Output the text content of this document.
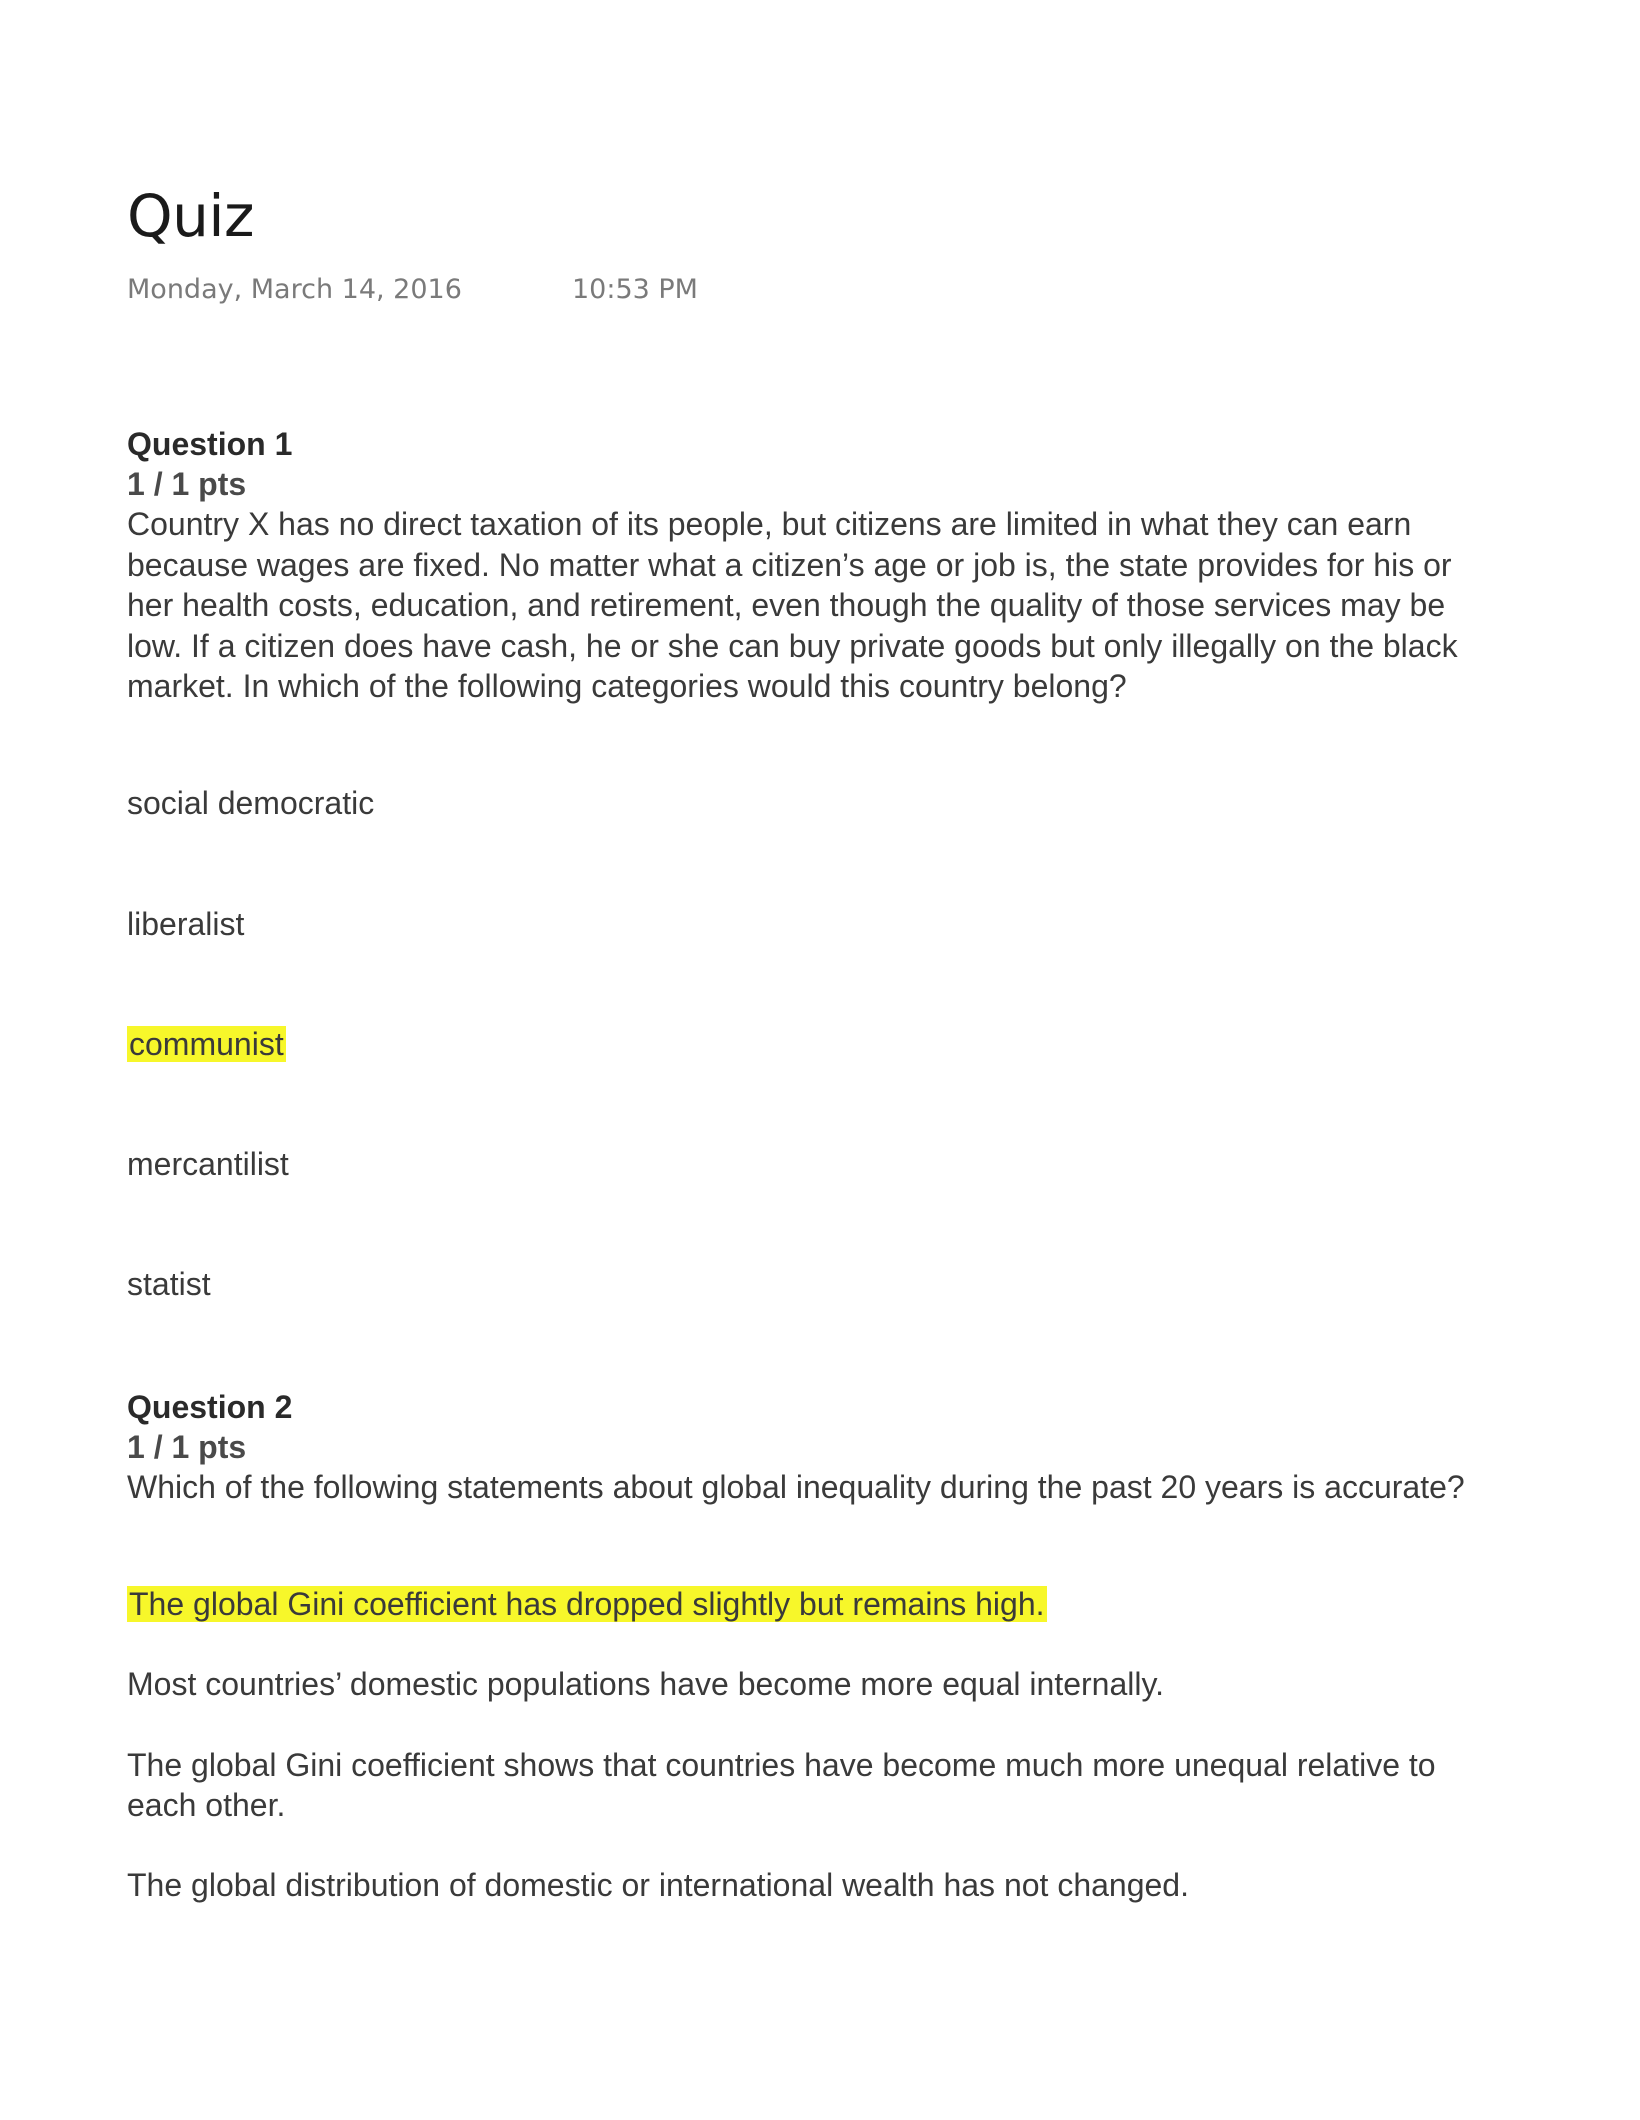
Quiz
Monday, March 14, 2016	10:53 PM
Question 1
1 / 1 pts

Country X has no direct taxation of its people, but citizens are limited in what they can earn because wages are fixed. No matter what a citizen’s age or job is, the state provides for his or her health costs, education, and retirement, even though the quality of those services may be low. If a citizen does have cash, he or she can buy private goods but only illegally on the black market. In which of the following categories would this country belong?

social democratic
liberalist
communist
mercantilist
statist
Question 2
1 / 1 pts

Which of the following statements about global inequality during the past 20 years is accurate?

The global Gini coefficient has dropped slightly but remains high.
Most countries’ domestic populations have become more equal internally.
The global Gini coefficient shows that countries have become much more unequal relative to each other.
The global distribution of domestic or international wealth has not changed.
